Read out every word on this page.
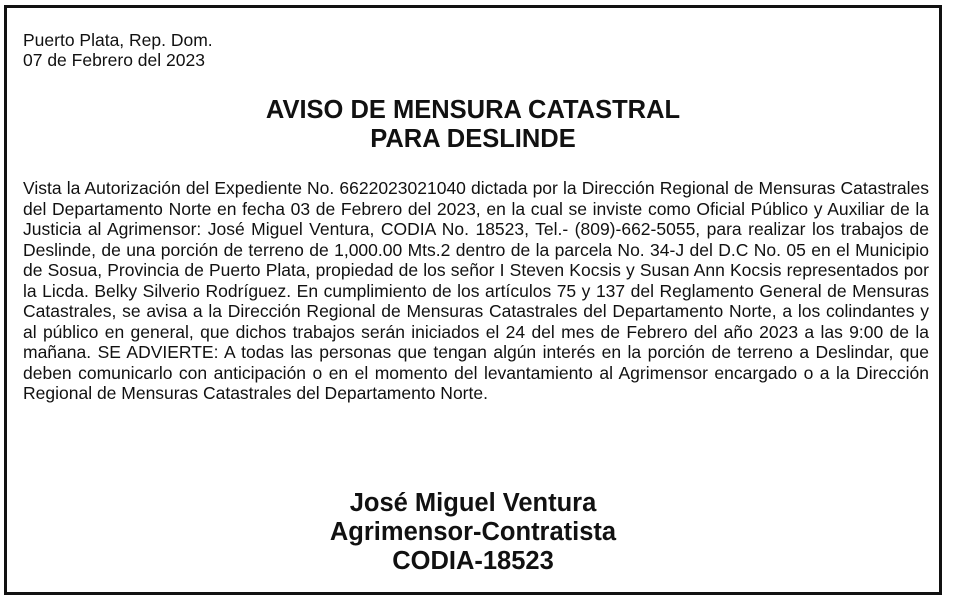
Puerto Plata, Rep. Dom.
07 de Febrero del 2023
AVISO DE MENSURA CATASTRAL
PARA DESLINDE
Vista la Autorización del Expediente No. 6622023021040 dictada por la Dirección Regional de Mensuras Catastrales del Departamento Norte en fecha 03 de Febrero del 2023, en la cual se inviste como Oficial Público y Auxiliar de la Justicia al Agrimensor: José Miguel Ventura, CODIA No. 18523, Tel.- (809)-662-5055, para realizar los trabajos de Deslinde, de una porción de terreno de 1,000.00 Mts.2 dentro de la parcela No. 34-J del D.C No. 05 en el Municipio de Sosua, Provincia de Puerto Plata, propiedad de los señor I Steven Kocsis y Susan Ann Kocsis representados por la Licda. Belky Silverio Rodríguez. En cumplimiento de los artículos 75 y 137 del Reglamento General de Mensuras Catastrales, se avisa a la Dirección Regional de Mensuras Catastrales del Departamento Norte, a los colindantes y al público en general, que dichos trabajos serán iniciados el 24 del mes de Febrero del año 2023 a las 9:00 de la mañana. SE ADVIERTE: A todas las personas que tengan algún interés en la porción de terreno a Deslindar, que deben comunicarlo con anticipación o en el momento del levantamiento al Agrimensor encargado o a la Dirección Regional de Mensuras Catastrales del Departamento Norte.
José Miguel Ventura
Agrimensor-Contratista
CODIA-18523
